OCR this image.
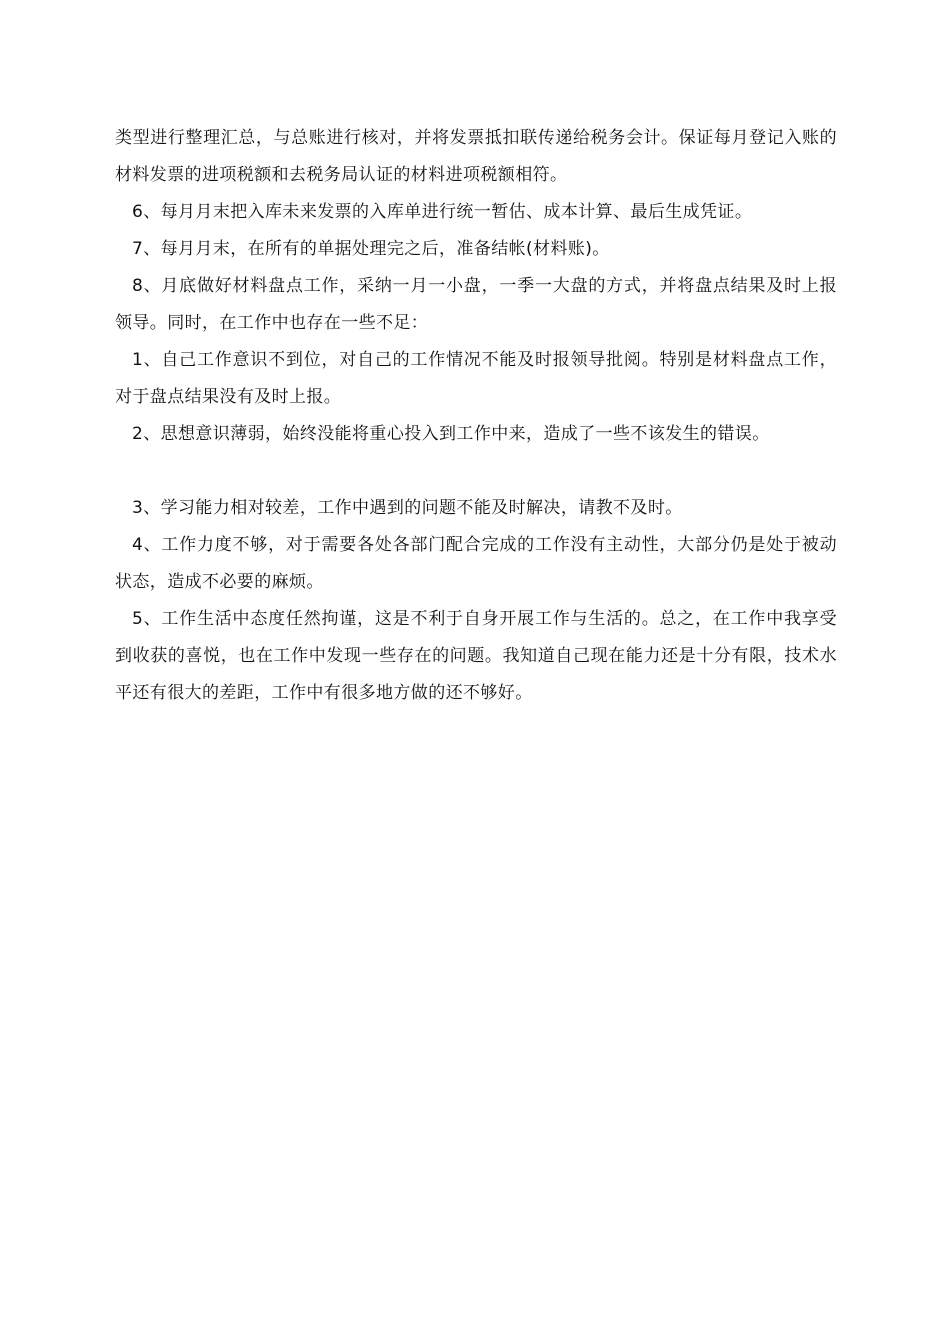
类型进行整理汇总，与总账进行核对，并将发票抵扣联传递给税务会计。保证每月登记入账的材料发票的进项税额和去税务局认证的材料进项税额相符。

6、每月月末把入库未来发票的入库单进行统一暂估、成本计算、最后生成凭证。

7、每月月末，在所有的单据处理完之后，准备结帐(材料账)。

8、月底做好材料盘点工作，采纳一月一小盘，一季一大盘的方式，并将盘点结果及时上报领导。同时，在工作中也存在一些不足：

1、自己工作意识不到位，对自己的工作情况不能及时报领导批阅。特别是材料盘点工作，对于盘点结果没有及时上报。

2、思想意识薄弱，始终没能将重心投入到工作中来，造成了一些不该发生的错误。

3、学习能力相对较差，工作中遇到的问题不能及时解决，请教不及时。

4、工作力度不够，对于需要各处各部门配合完成的工作没有主动性，大部分仍是处于被动状态，造成不必要的麻烦。

5、工作生活中态度任然拘谨，这是不利于自身开展工作与生活的。总之，在工作中我享受到收获的喜悦，也在工作中发现一些存在的问题。我知道自己现在能力还是十分有限，技术水平还有很大的差距，工作中有很多地方做的还不够好。
